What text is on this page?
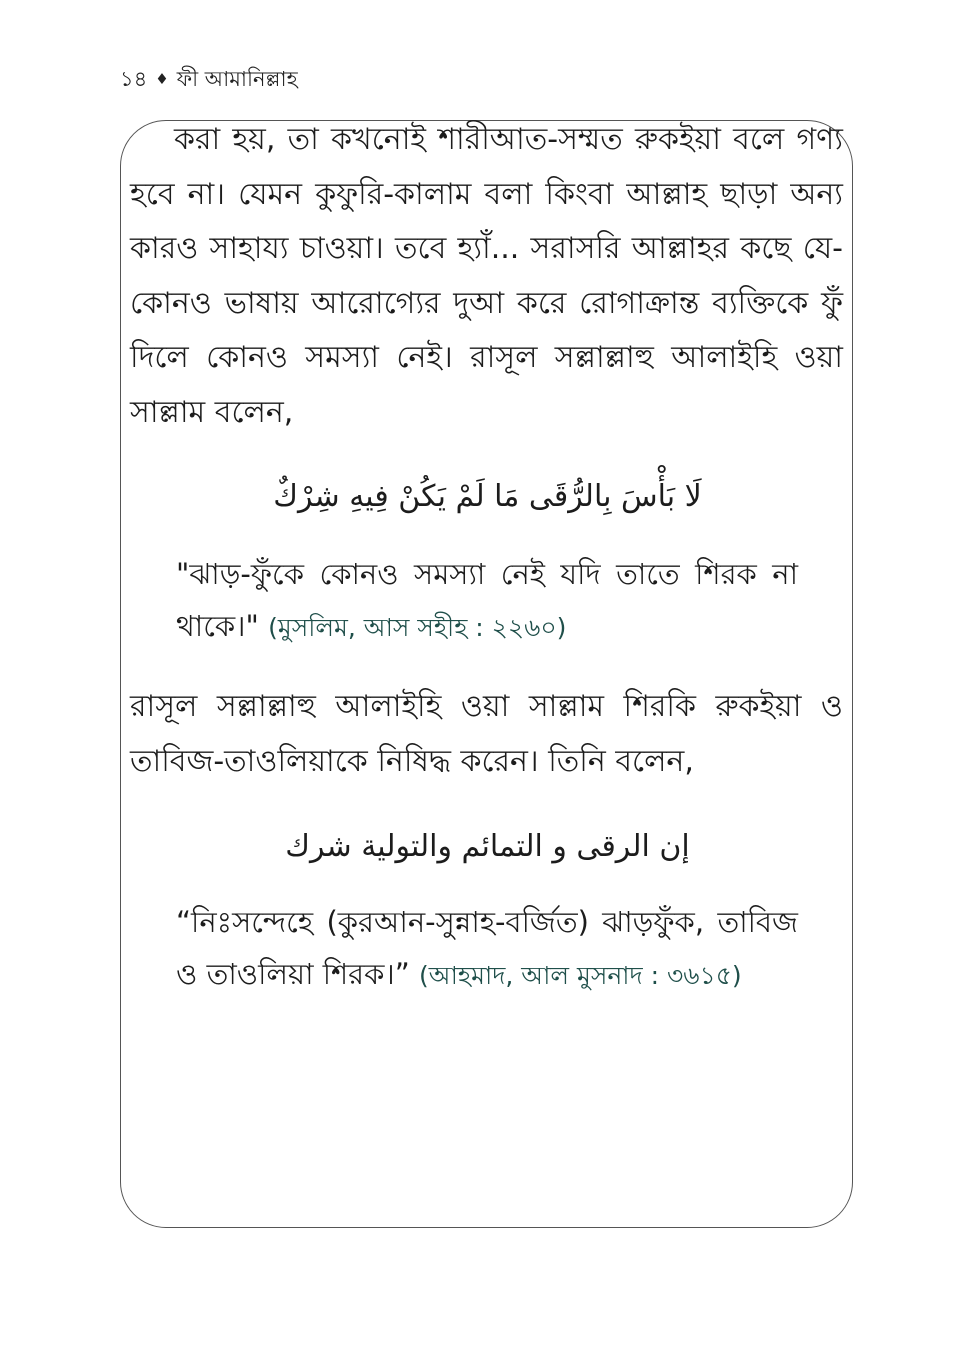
১৪ ♦ ফী আমানিল্লাহ

করা হয়, তা কখনোই শারীআত-সম্মত রুকইয়া বলে গণ্য হবে না। যেমন কুফুরি-কালাম বলা কিংবা আল্লাহ ছাড়া অন্য কারও সাহায্য চাওয়া। তবে হ্যাঁ... সরাসরি আল্লাহর কছে যে-কোনও ভাষায় আরোগ্যের দুআ করে রোগাক্রান্ত ব্যক্তিকে ফুঁ দিলে কোনও সমস্যা নেই। রাসূল সল্লাল্লাহু আলাইহি ওয়া সাল্লাম বলেন,

لَا بَأْسَ بِالرُّقَى مَا لَمْ يَكُنْ فِيهِ شِرْكٌ

"ঝাড়-ফুঁকে কোনও সমস্যা নেই যদি তাতে শিরক না থাকে।" (মুসলিম, আস সহীহ : ২২৬০)

রাসূল সল্লাল্লাহু আলাইহি ওয়া সাল্লাম শিরকি রুকইয়া ও তাবিজ-তাওলিয়াকে নিষিদ্ধ করেন। তিনি বলেন,

إن الرقى و التمائم والتولية شرك

“নিঃসন্দেহে (কুরআন-সুন্নাহ-বর্জিত) ঝাড়ফুঁক, তাবিজ ও তাওলিয়া শিরক।” (আহমাদ, আল মুসনাদ : ৩৬১৫)
